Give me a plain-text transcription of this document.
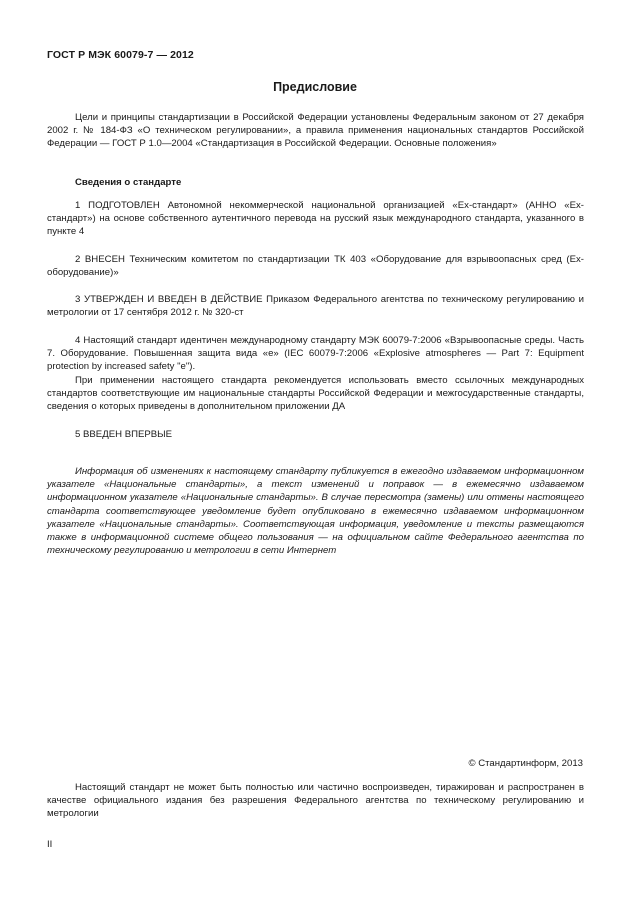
ГОСТ Р МЭК 60079-7 — 2012
Предисловие

Цели и принципы стандартизации в Российской Федерации установлены Федеральным законом от 27 декабря 2002 г. № 184-ФЗ «О техническом регулировании», а правила применения национальных стандартов Российской Федерации — ГОСТ Р 1.0—2004 «Стандартизация в Российской Федерации. Основные положения»

Сведения о стандарте

1 ПОДГОТОВЛЕН Автономной некоммерческой национальной организацией «Ех-стандарт» (АННО «Ех-стандарт») на основе собственного аутентичного перевода на русский язык международного стандарта, указанного в пункте 4

2 ВНЕСЕН Техническим комитетом по стандартизации ТК 403 «Оборудование для взрывоопасных сред (Ех-оборудование)»

3 УТВЕРЖДЕН И ВВЕДЕН В ДЕЙСТВИЕ Приказом Федерального агентства по техническому регулированию и метрологии от 17 сентября 2012 г. № 320-ст

4 Настоящий стандарт идентичен международному стандарту МЭК 60079-7:2006 «Взрывоопасные среды. Часть 7. Оборудование. Повышенная защита вида «е» (IEC 60079-7:2006 «Explosive atmospheres — Part 7: Equipment protection by increased safety "е").

При применении настоящего стандарта рекомендуется использовать вместо ссылочных международных стандартов соответствующие им национальные стандарты Российской Федерации и межгосударственные стандарты, сведения о которых приведены в дополнительном приложении ДА

5 ВВЕДЕН ВПЕРВЫЕ

Информация об изменениях к настоящему стандарту публикуется в ежегодно издаваемом информационном указателе «Национальные стандарты», а текст изменений и поправок — в ежемесячно издаваемом информационном указателе «Национальные стандарты». В случае пересмотра (замены) или отмены настоящего стандарта соответствующее уведомление будет опубликовано в ежемесячно издаваемом информационном указателе «Национальные стандарты». Соответствующая информация, уведомление и тексты размещаются также в информационной системе общего пользования — на официальном сайте Федерального агентства по техническому регулированию и метрологии в сети Интернет

© Стандартинформ, 2013

Настоящий стандарт не может быть полностью или частично воспроизведен, тиражирован и распространен в качестве официального издания без разрешения Федерального агентства по техническому регулированию и метрологии

II
